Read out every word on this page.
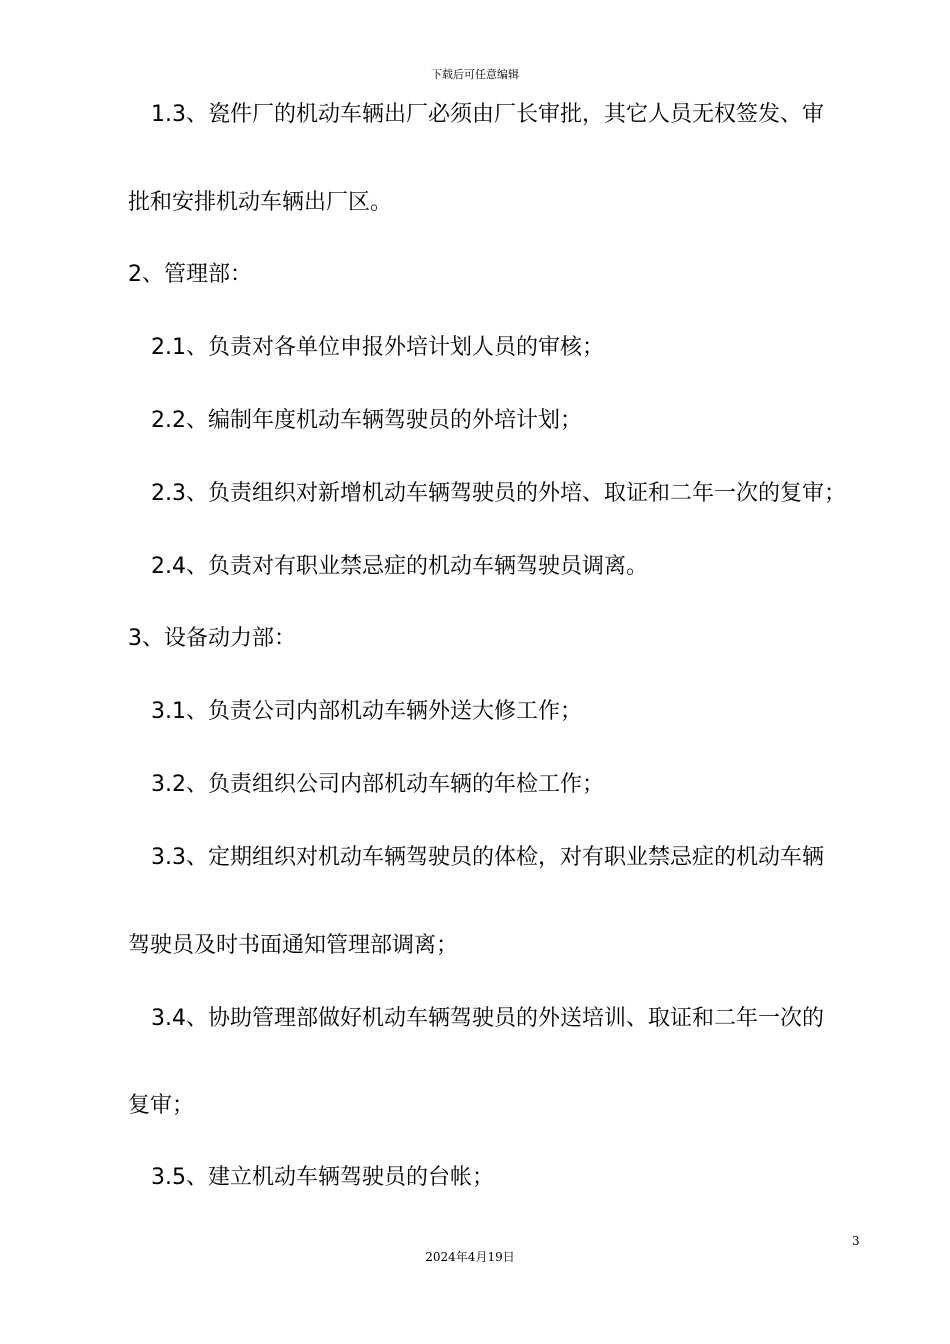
下载后可任意编辑
1.3、瓷件厂的机动车辆出厂必须由厂长审批，其它人员无权签发、审
批和安排机动车辆出厂区。
2、管理部：
2.1、负责对各单位申报外培计划人员的审核；
2.2、编制年度机动车辆驾驶员的外培计划；
2.3、负责组织对新增机动车辆驾驶员的外培、取证和二年一次的复审；
2.4、负责对有职业禁忌症的机动车辆驾驶员调离。
3、设备动力部：
3.1、负责公司内部机动车辆外送大修工作；
3.2、负责组织公司内部机动车辆的年检工作；
3.3、定期组织对机动车辆驾驶员的体检，对有职业禁忌症的机动车辆
驾驶员及时书面通知管理部调离；
3.4、协助管理部做好机动车辆驾驶员的外送培训、取证和二年一次的
复审；
3.5、建立机动车辆驾驶员的台帐；
3
2024年4月19日
